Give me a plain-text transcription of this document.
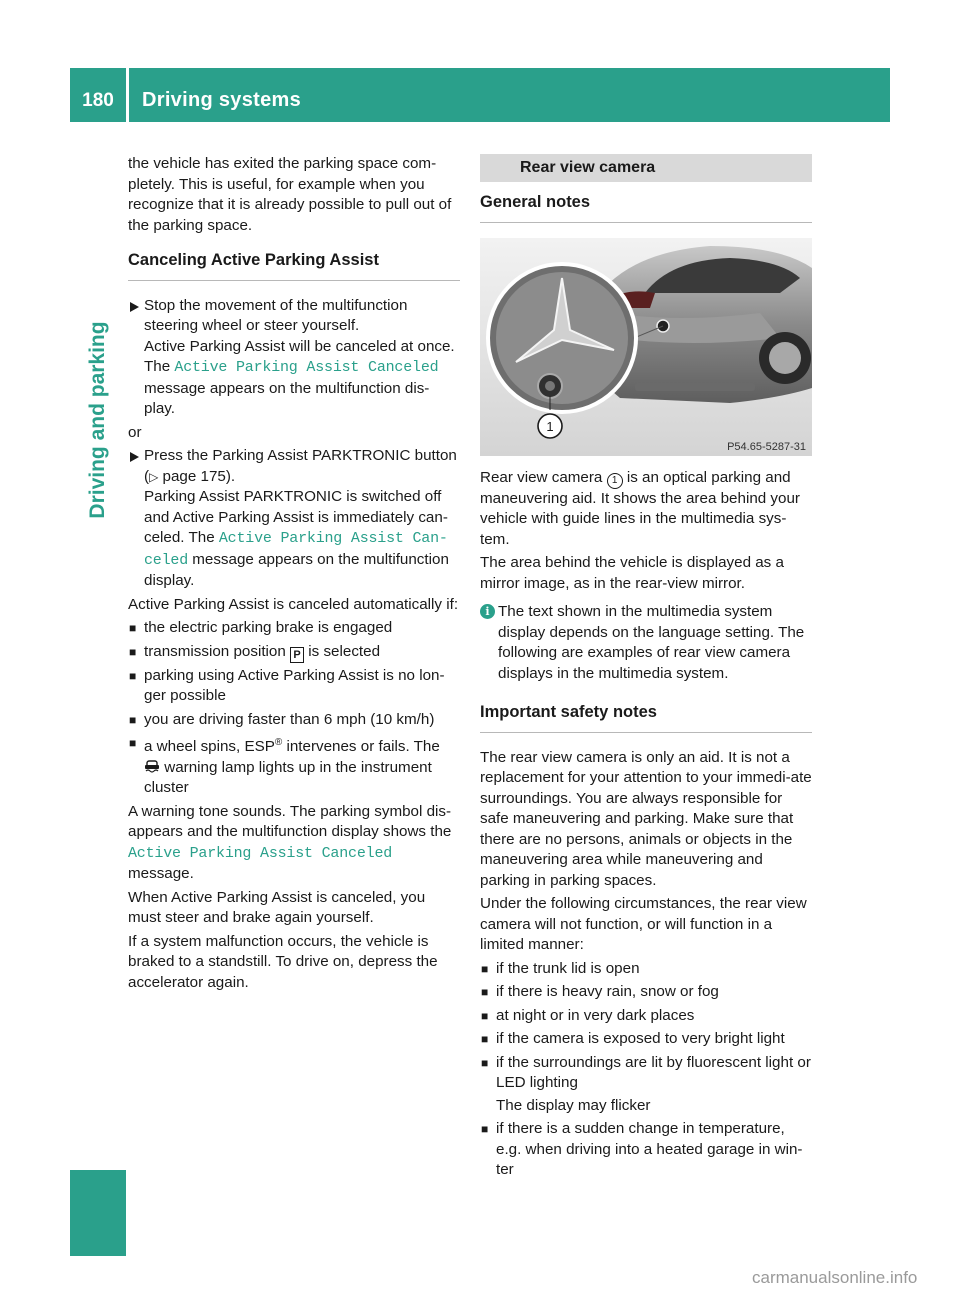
180	Driving systems
Driving and parking

the vehicle has exited the parking space com-pletely. This is useful, for example when you recognize that it is already possible to pull out of the parking space.

Canceling Active Parking Assist
Stop the movement of the multifunction steering wheel or steer yourself.
Active Parking Assist will be canceled at once.
The Active Parking Assist Canceled message appears on the multifunction dis-play.

or

Press the Parking Assist PARKTRONIC button (▷ page 175).
Parking Assist PARKTRONIC is switched off and Active Parking Assist is immediately can-celed. The Active Parking Assist Can-celed message appears on the multifunction display.

Active Parking Assist is canceled automatically if:

■ the electric parking brake is engaged
■ transmission position P is selected
■ parking using Active Parking Assist is no lon-ger possible
■ you are driving faster than 6 mph (10 km/h)
■ a wheel spins, ESP® intervenes or fails. The
warning lamp lights up in the instrument cluster

A warning tone sounds. The parking symbol dis-appears and the multifunction display shows the Active Parking Assist Canceled message.

When Active Parking Assist is canceled, you must steer and brake again yourself.

If a system malfunction occurs, the vehicle is braked to a standstill. To drive on, depress the accelerator again.

Rear view camera
General notes
1
P54.65-5287-31

Rear view camera 1 is an optical parking and maneuvering aid. It shows the area behind your vehicle with guide lines in the multimedia sys-tem.

The area behind the vehicle is displayed as a mirror image, as in the rear-view mirror.

i The text shown in the multimedia system display depends on the language setting. The following are examples of rear view camera displays in the multimedia system.
Important safety notes

The rear view camera is only an aid. It is not a replacement for your attention to your immedi-ate surroundings. You are always responsible for safe maneuvering and parking. Make sure that there are no persons, animals or objects in the maneuvering area while maneuvering and parking in parking spaces.

Under the following circumstances, the rear view camera will not function, or will function in a limited manner:

■ if the trunk lid is open
■ if there is heavy rain, snow or fog
■ at night or in very dark places
■ if the camera is exposed to very bright light
■ if the surroundings are lit by fluorescent light or LED lighting
The display may flicker
■ if there is a sudden change in temperature, e.g. when driving into a heated garage in win-ter
carmanualsonline.info
